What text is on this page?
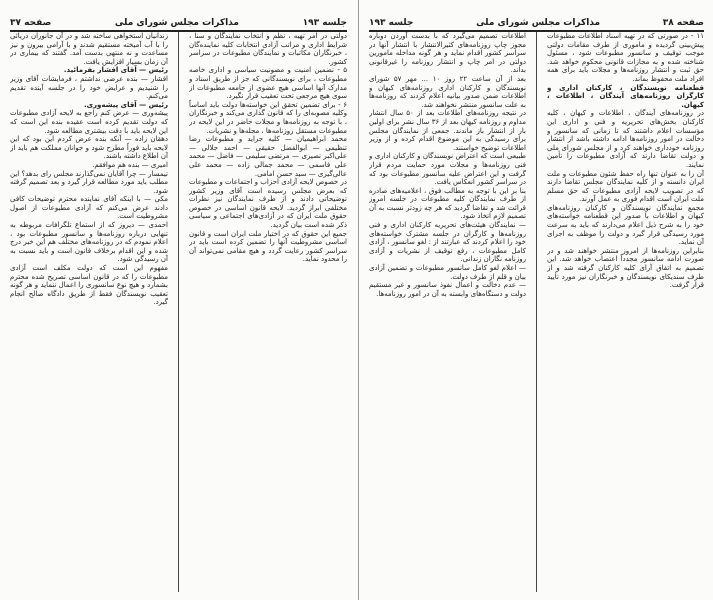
جلسه ۱۹۳
مذاکرات مجلس شورای ملی
صفحه ۳۷

دولتی در امر تهیه ، نظم و انتخاب نمایندگان و سنا ، شرایط اداری و مراتب آزادی انتخابات کلیه نماینده‌گان ، خبرنگاران مکاتبات و نمایندگان مطبوعات در سراسر کشور.

۵ - تضمین امنیت و مصونیت سیاسی و اداری خاصه مطبوعات ، برای نویسندگانی که جز از طریق اسناد و مدارک آنها اساسی هیچ عضوی از جامعه مطبوعات از سوی هیچ مرجعی تحت تعقیب قرار نگیرد.

۶ - برای تضمین تحقق این خواسته‌ها دولت باید اساساً وکلیه مصوبه‌ای را که قانون گذاری می‌کند و خبرنگاران ، با توجه به روزنامه‌ها و مجلات حاضر در این لایحه در مطبوعات مستقل روزنامه‌ها ، مجله‌ها و نشریات.

محمد ابراهیمیان — کلیه جراید و مطبوعات رضا تنظیمی — ابوالفضل حقیقی — احمد جلالی — علی‌اکبر نصیری — مرتضی سلیمی — فاضل — محمد علی قاسمی — محمد جمالی زاده — محمد علی عالی‌گیری — سید حسن امامی.

در خصوص لایحه آزادی احزاب و اجتماعات و مطبوعات که بعرض مجلس رسیده است آقای وزیر کشور توضیحاتی دادند و از طرف نمایندگان نیز نظرات مختلفی ابراز گردید. لایحه قانون اساسی در خصوص حقوق ملت ایران که در آزادی‌های اجتماعی و سیاسی ذکر شده است بیان گردید.

جمیع این حقوق که در اختیار ملت ایران است و قانون اساسی مشروطیت آنها را تضمین کرده است باید در سراسر کشور رعایت گردد و هیچ مقامی نمی‌تواند آن را محدود نماید.

زندانیان استخواهی ساخته شد و در آن جانوران دریائی را با آب آمیخته مستقیم شدند و با آرامی بیرون و نیز مساعدت و نه منتهی بدست آمد. گفتند که بیماری در آن زمان بسیار افزایش یافت.

رئیس — آقای افشار بفرمائید.

افشار — بنده عرضی نداشتم ، فرمایشات آقای وزیر را شنیدیم و عرایض خود را در جلسه آینده تقدیم می‌کنم.

رئیس — آقای پیشه‌وری.

پیشه‌وری — عرض کنم راجع به لایحه آزادی مطبوعات که دولت تقدیم کرده است عقیده بنده این است که این لایحه باید با دقت بیشتری مطالعه شود.

دهقان زاده — آنکه بنده عرض کردم این بود که این لایحه باید فوراً مطرح شود و جوانان مملکت هم باید از آن اطلاع داشته باشند.

امیری — بنده هم موافقم.

تیمسار — چرا آقایان نمی‌گذارند مجلس رای بدهد؟ این مطلب باید مورد مطالعه قرار گیرد و بعد تصمیم گرفته شود.

مکی — با اینکه آقای نماینده محترم توضیحات کافی دادند عرض می‌کنم که آزادی مطبوعات از اصول مشروطیت است.

احمدی — دیروز که از استماع تلگرافات مربوطه به تنهایی درباره روزنامه‌ها و سانسور مطبوعات بود ، اعلام نمودم که در روزنامه‌های مختلف هم این خبر درج شده و این اقدام برخلاف قانون است و باید نسبت به آن رسیدگی شود.

مفهوم این است که دولت مکلف است آزادی مطبوعات را که در قانون اساسی تصریح شده محترم بشمارد و هیچ نوع سانسوری را اعمال ننماید و هر گونه تعقیب نویسندگان فقط از طریق دادگاه صالح انجام گیرد.

صفحه ۳۸
مذاکرات مجلس شورای ملی
جلسه ۱۹۳

۱۱ - در صورتی که در تهیه اسناد اطلاعات مطبوعات پیش‌بینی گردیده و ماموری از طرف مقامات دولتی موجب توقیف و سانسور مطبوعات شود ، مسئول شناخته شده و به مجازات قانونی محکوم خواهد شد. حق ثبت و انتشار روزنامه‌ها و مجلات باید برای همه افراد ملت محفوظ بماند.

قطعنامه نویسندگان ، کارکنان اداری و کارگران روزنامه‌های آیندگان ، اطلاعات ، کیهان.

در روزنامه‌های آیندگان ، اطلاعات و کیهان ، کلیه کارکنان بخش‌های تحریریه و فنی و اداری این مؤسسات اعلام داشتند که تا زمانی که سانسور و دخالت در امور روزنامه‌ها ادامه داشته باشد از انتشار روزنامه خودداری خواهند کرد و از مجلس شورای ملی و دولت تقاضا دارند که آزادی مطبوعات را تأمین نمایند.

آن را به عنوان تنها راه حفظ شئون مطبوعات و ملت ایران دانسته و از کلیه نمایندگان مجلس تقاضا دارند که در تصویب لایحه آزادی مطبوعات که حق مسلم ملت ایران است اقدام فوری به عمل آورند.

مجمع نمایندگان نویسندگان و کارکنان روزنامه‌های کیهان و اطلاعات با صدور این قطعنامه خواسته‌های خود را به شرح ذیل اعلام می‌دارند که باید به سرعت مورد رسیدگی قرار گیرد و دولت را موظف به اجرای آن نماید.

بنابراین روزنامه‌ها از امروز منتشر خواهند شد و در صورت ادامه سانسور مجدداً اعتصاب خواهد شد. این تصمیم به اتفاق آرای کلیه کارکنان گرفته شد و از طرف سندیکای نویسندگان و خبرنگاران نیز مورد تأیید قرار گرفت.

اطلاعات تصمیم می‌گیرد که با بدست آوردن دوباره مجوز چاپ روزنامه‌های کثیرالانتشار با انتشار آنها در سراسر کشور اقدام نماید و هر گونه مداخله مامورین دولتی در امر چاپ و انتشار روزنامه را غیرقانونی بداند.

بعد از آن ساعت ۲۲ روز ۱۰ ... مهر ۵۷ شورای نویسندگان و کارکنان اداری روزنامه‌های کیهان و اطلاعات ضمن صدور بیانیه اعلام کردند که روزنامه‌ها به علت سانسور منتشر نخواهند شد.

در نتیجه روزنامه‌های اطلاعات بعد از ۵۰ سال انتشار مداوم و روزنامه کیهان بعد از ۳۶ سال نشر برای اولین بار از انتشار باز ماندند. جمعی از نمایندگان مجلس برای رسیدگی به این موضوع اقدام کرده و از وزیر اطلاعات توضیح خواستند.

طبیعی است که اعتراض نویسندگان و کارکنان اداری و فنی روزنامه‌ها و مجلات مورد حمایت مردم قرار گرفت و این اعتراض علیه سانسور مطبوعات بود که در سراسر کشور انعکاس یافت.

بنا بر این با توجه به مطالب فوق ، اعلامیه‌های صادره از طرف نمایندگان کلیه مطبوعات در جلسه امروز قرائت شد و تقاضا گردید که هر چه زودتر نسبت به آن تصمیم لازم اتخاذ شود.

— نمایندگان هیئت‌های تحریریه کارکنان اداری و فنی روزنامه‌ها و کارگران در جلسه مشترک خواسته‌های خود را اعلام کردند که عبارتند از : لغو سانسور ، آزادی کامل مطبوعات ، رفع توقیف از نشریات و آزادی روزنامه نگاران زندانی.

— اعلام لغو کامل سانسور مطبوعات و تضمین آزادی بیان و قلم از طرف دولت.

— عدم دخالت و اعمال نفوذ سانسور و غیر مستقیم دولت و دستگاه‌های وابسته به آن در امور روزنامه‌ها.
